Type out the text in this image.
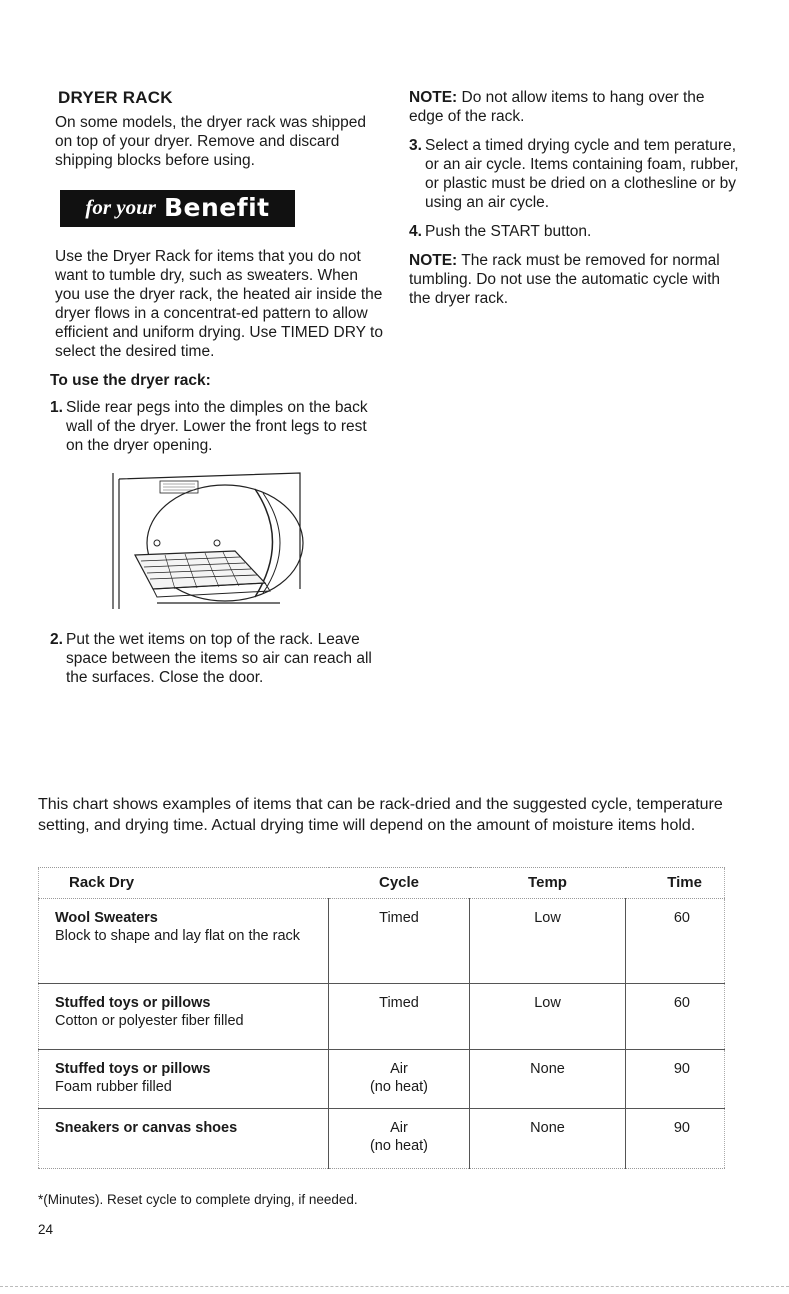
DRYER RACK

On some models, the dryer rack was shipped on top of your dryer. Remove and discard shipping blocks before using.

for your Benefit

Use the Dryer Rack for items that you do not want to tumble dry, such as sweaters. When you use the dryer rack, the heated air inside the dryer flows in a concentrat-ed pattern to allow efficient and uniform drying. Use TIMED DRY to select the desired time.

To use the dryer rack:
1. Slide rear pegs into the dimples on the back wall of the dryer. Lower the front legs to rest on the dryer opening.
2. Put the wet items on top of the rack. Leave space between the items so air can reach all the surfaces. Close the door.

NOTE: Do not allow items to hang over the edge of the rack.

3. Select a timed drying cycle and tem perature, or an air cycle. Items containing foam, rubber, or plastic must be dried on a clothesline or by using an air cycle.
4. Push the START button.

NOTE: The rack must be removed for normal tumbling. Do not use the automatic cycle with the dryer rack.

This chart shows examples of items that can be rack-dried and the suggested cycle, temperature setting, and drying time. Actual drying time will depend on the amount of moisture items hold.

Rack Dry	Cycle	Temp	Time

Wool Sweaters
Block to shape and lay flat on the rack	Timed	Low	60

Stuffed toys or pillows
Cotton or polyester fiber filled	Timed	Low	60

Stuffed toys or pillows
Foam rubber filled	Air
(no heat)	None	90

Sneakers or canvas shoes	Air
(no heat)	None	90
*(Minutes). Reset cycle to complete drying, if needed.
24
